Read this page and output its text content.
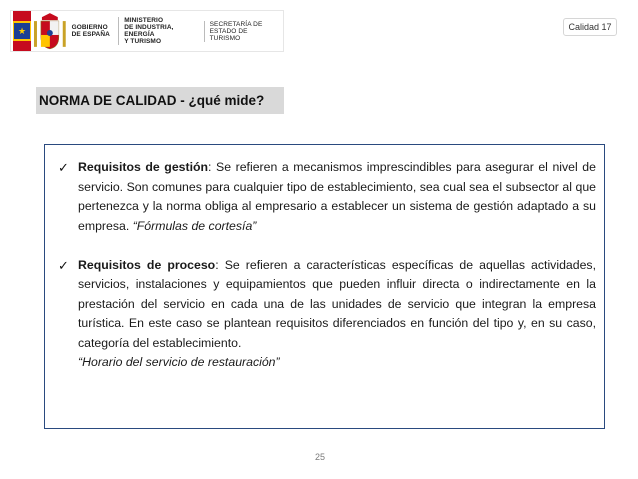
★	GOBIERNO
DE ESPAÑA
MINISTERIO
DE INDUSTRIA, ENERGÍA
Y TURISMO
SECRETARÍA DE
ESTADO DE TURISMO
Calidad 17
NORMA DE CALIDAD - ¿qué mide?
✓ Requisitos de gestión: Se refieren a mecanismos imprescindibles para asegurar el nivel de servicio. Son comunes para cualquier tipo de establecimiento, sea cual sea el subsector al que pertenezca y la norma obliga al empresario a establecer un sistema de gestión adaptado a su empresa. “Fórmulas de cortesía”
✓ Requisitos de proceso: Se refieren a características específicas de aquellas actividades, servicios, instalaciones y equipamientos que pueden influir directa o indirectamente en la prestación del servicio en cada una de las unidades de servicio que integran la empresa turística. En este caso se plantean requisitos diferenciados en función del tipo y, en su caso, categoría del establecimiento.
“Horario del servicio de restauración”
25
